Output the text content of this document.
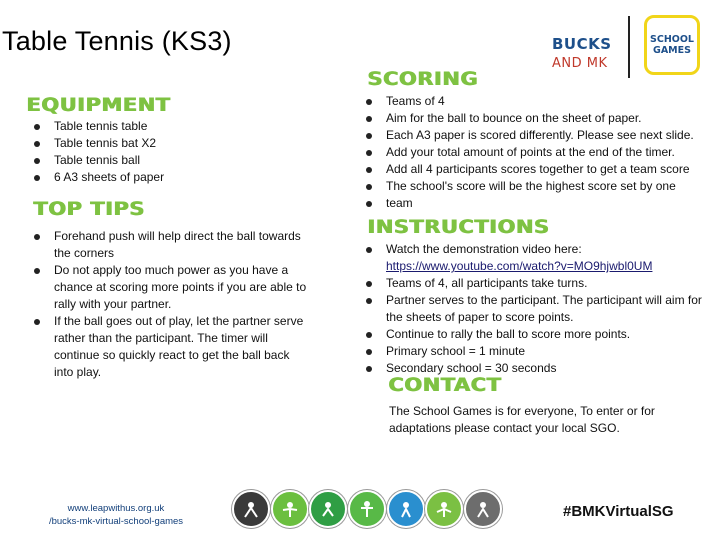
Table Tennis (KS3)	BUCKS
AND MK
SCHOOL
GAMES
EQUIPMENT
Table tennis table
Table tennis bat X2
Table tennis ball
6 A3 sheets of paper
TOP TIPS
Forehand push will help direct the ball towards the corners
Do not apply too much power as you have a chance at scoring more points if you are able to rally with your partner.
If the ball goes out of play, let the partner serve rather than the participant. The timer will continue so quickly react to get the ball back into play.
SCORING
Teams of 4
Aim for the ball to bounce on the sheet of paper.
Each A3 paper is scored differently. Please see next slide.
Add your total amount of points at the end of the timer.
Add all 4 participants scores together to get a team score
The school's score will be the highest score set by one
team
INSTRUCTIONS
Watch the demonstration video here:
https://www.youtube.com/watch?v=MO9hjwbl0UM
Teams of 4, all participants take turns.
Partner serves to the participant. The participant will aim for the sheets of paper to score points.
Continue to rally the ball to score more points.
Primary school = 1 minute
Secondary school = 30 seconds
CONTACT
The School Games is for everyone, To enter or for adaptations please contact your local SGO.
www.leapwithus.org.uk
/bucks-mk-virtual-school-games
#BMKVirtualSG
